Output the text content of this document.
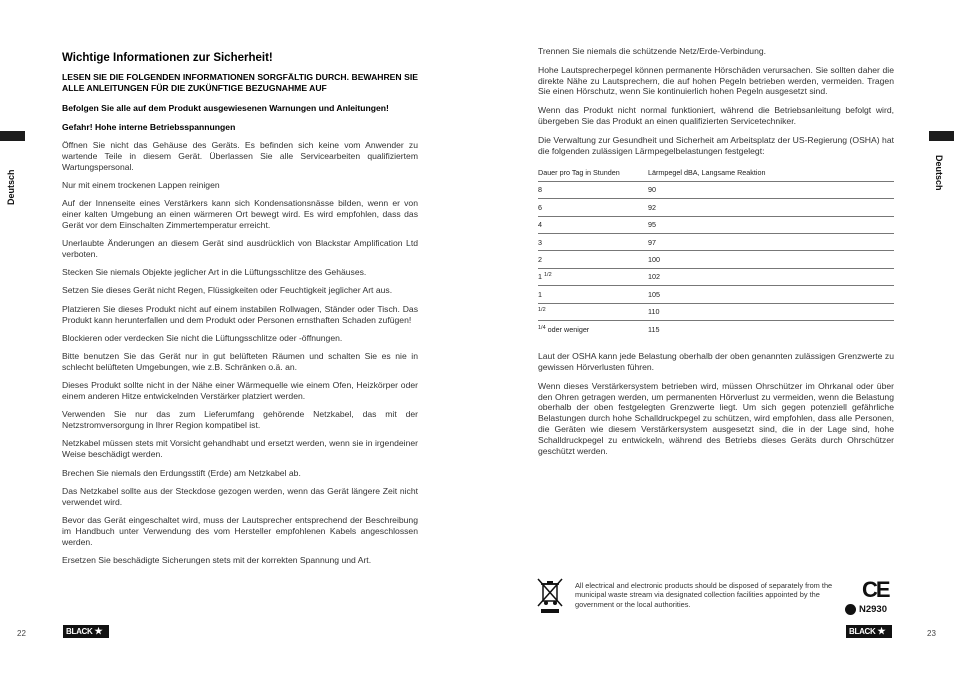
Deutsch	Deutsch
Wichtige Informationen zur Sicherheit!
LESEN SIE DIE FOLGENDEN INFORMATIONEN SORGFÄLTIG DURCH. BEWAHREN SIE ALLE ANLEITUNGEN FÜR DIE ZUKÜNFTIGE BEZUGNAHME AUF
Befolgen Sie alle auf dem Produkt ausgewiesenen Warnungen und Anleitungen!
Gefahr! Hohe interne Betriebsspannungen

Öffnen Sie nicht das Gehäuse des Geräts. Es befinden sich keine vom Anwender zu wartende Teile in diesem Gerät. Überlassen Sie alle Servicearbeiten qualifiziertem Wartungspersonal.

Nur mit einem trockenen Lappen reinigen

Auf der Innenseite eines Verstärkers kann sich Kondensationsnässe bilden, wenn er von einer kalten Umgebung an einen wärmeren Ort bewegt wird. Es wird empfohlen, dass das Gerät vor dem Einschalten Zimmertemperatur erreicht.

Unerlaubte Änderungen an diesem Gerät sind ausdrücklich von Blackstar Amplification Ltd verboten.

Stecken Sie niemals Objekte jeglicher Art in die Lüftungsschlitze des Gehäuses.

Setzen Sie dieses Gerät nicht Regen, Flüssigkeiten oder Feuchtigkeit jeglicher Art aus.

Platzieren Sie dieses Produkt nicht auf einem instabilen Rollwagen, Ständer oder Tisch. Das Produkt kann herunterfallen und dem Produkt oder Personen ernsthaften Schaden zufügen!

Blockieren oder verdecken Sie nicht die Lüftungsschlitze oder -öffnungen.

Bitte benutzen Sie das Gerät nur in gut belüfteten Räumen und schalten Sie es nie in schlecht belüfteten Umgebungen, wie z.B. Schränken o.ä. an.

Dieses Produkt sollte nicht in der Nähe einer Wärmequelle wie einem Ofen, Heizkörper oder einem anderen Hitze entwickelnden Verstärker platziert werden.

Verwenden Sie nur das zum Lieferumfang gehörende Netzkabel, das mit der Netzstromversorgung in Ihrer Region kompatibel ist.

Netzkabel müssen stets mit Vorsicht gehandhabt und ersetzt werden, wenn sie in irgendeiner Weise beschädigt werden.

Brechen Sie niemals den Erdungsstift (Erde) am Netzkabel ab.

Das Netzkabel sollte aus der Steckdose gezogen werden, wenn das Gerät längere Zeit nicht verwendet wird.

Bevor das Gerät eingeschaltet wird, muss der Lautsprecher entsprechend der Beschreibung im Handbuch unter Verwendung des vom Hersteller empfohlenen Kabels angeschlossen werden.

Ersetzen Sie beschädigte Sicherungen stets mit der korrekten Spannung und Art.

Trennen Sie niemals die schützende Netz/Erde-Verbindung.

Hohe Lautsprecherpegel können permanente Hörschäden verursachen. Sie sollten daher die direkte Nähe zu Lautsprechern, die auf hohen Pegeln betrieben werden, vermeiden. Tragen Sie einen Hörschutz, wenn Sie kontinuierlich hohen Pegeln ausgesetzt sind.

Wenn das Produkt nicht normal funktioniert, während die Betriebsanleitung befolgt wird, übergeben Sie das Produkt an einen qualifizierten Servicetechniker.

Die Verwaltung zur Gesundheit und Sicherheit am Arbeitsplatz der US-Regierung (OSHA) hat die folgenden zulässigen Lärmpegelbelastungen festgelegt:

Dauer pro Tag in Stunden	Lärmpegel dBA, Langsame Reaktion
8	90
6	92
4	95
3	97
2	100
1 $^{1/2}$	102
1	105
$^{1/2}$	110
$^{1/4}$ oder weniger	115

Laut der OSHA kann jede Belastung oberhalb der oben genannten zulässigen Grenzwerte zu gewissen Hörverlusten führen.

Wenn dieses Verstärkersystem betrieben wird, müssen Ohrschützer im Ohrkanal oder über den Ohren getragen werden, um permanenten Hörverlust zu vermeiden, wenn die Belastung oberhalb der oben festgelegten Grenzwerte liegt. Um sich gegen potenziell gefährliche Belastungen durch hohe Schalldruckpegel zu schützen, wird empfohlen, dass alle Personen, die Geräten wie diesem Verstärkersystem ausgesetzt sind, die in der Lage sind, hohe Schalldruckpegel zu entwickeln, während des Betriebs dieses Geräts durch Ohrschützer geschützt werden.

All electrical and electronic products should be disposed of separately from the municipal waste stream via designated collection facilities appointed by the government or the local authorities.
CE
N2930
22	BLACK ★	23
BLACK ★
